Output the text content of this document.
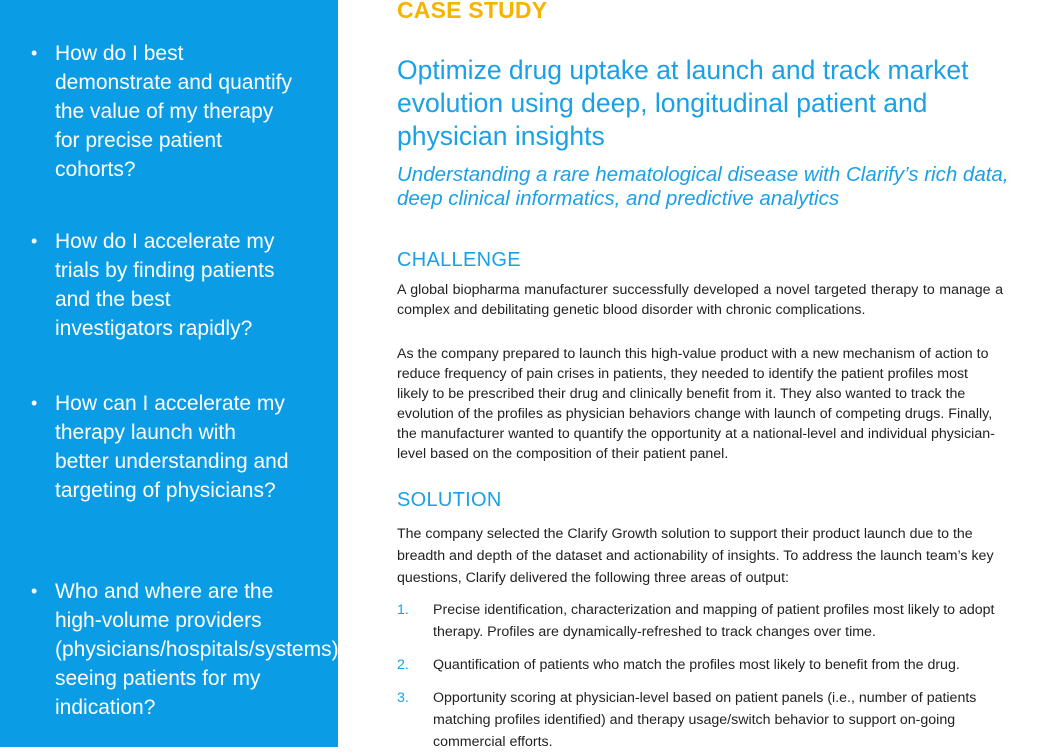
• How do I best demonstrate and quantify the value of my therapy for precise patient cohorts?
• How do I accelerate my trials by finding patients and the best investigators rapidly?
• How can I accelerate my therapy launch with better understanding and targeting of physicians?
• Who and where are the high-volume providers (physicians/hospitals/systems) seeing patients for my indication?
CASE STUDY
Optimize drug uptake at launch and track market evolution using deep, longitudinal patient and physician insights

Understanding a rare hematological disease with Clarify’s rich data, deep clinical informatics, and predictive analytics

CHALLENGE

A global biopharma manufacturer successfully developed a novel targeted therapy to manage a complex and debilitating genetic blood disorder with chronic complications.

As the company prepared to launch this high-value product with a new mechanism of action to reduce frequency of pain crises in patients, they needed to identify the patient profiles most likely to be prescribed their drug and clinically benefit from it. They also wanted to track the evolution of the profiles as physician behaviors change with launch of competing drugs. Finally, the manufacturer wanted to quantify the opportunity at a national-level and individual physician-level based on the composition of their patient panel.

SOLUTION

The company selected the Clarify Growth solution to support their product launch due to the breadth and depth of the dataset and actionability of insights. To address the launch team’s key questions, Clarify delivered the following three areas of output:

1.	Precise identification, characterization and mapping of patient profiles most likely to adopt therapy. Profiles are dynamically-refreshed to track changes over time.
2.	Quantification of patients who match the profiles most likely to benefit from the drug.
3.	Opportunity scoring at physician-level based on patient panels (i.e., number of patients matching profiles identified) and therapy usage/switch behavior to support on-going commercial efforts.
